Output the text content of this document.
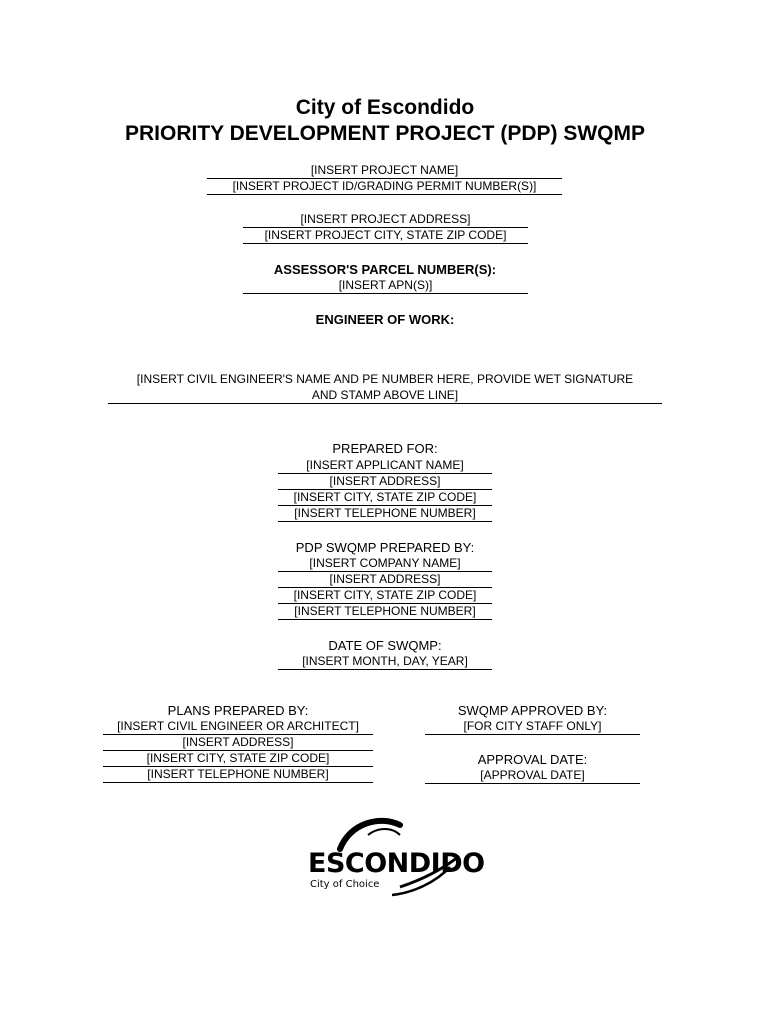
City of Escondido
PRIORITY DEVELOPMENT PROJECT (PDP) SWQMP
[INSERT PROJECT NAME]
[INSERT PROJECT ID/GRADING PERMIT NUMBER(S)]
[INSERT PROJECT ADDRESS]
[INSERT PROJECT CITY, STATE ZIP CODE]
ASSESSOR'S PARCEL NUMBER(S):
[INSERT APN(S)]
ENGINEER OF WORK:
[INSERT CIVIL ENGINEER'S NAME AND PE NUMBER HERE, PROVIDE WET SIGNATURE
AND STAMP ABOVE LINE]
PREPARED FOR:
[INSERT APPLICANT NAME]
[INSERT ADDRESS]
[INSERT CITY, STATE ZIP CODE]
[INSERT TELEPHONE NUMBER]
PDP SWQMP PREPARED BY:
[INSERT COMPANY NAME]
[INSERT ADDRESS]
[INSERT CITY, STATE ZIP CODE]
[INSERT TELEPHONE NUMBER]
DATE OF SWQMP:
[INSERT MONTH, DAY, YEAR]
PLANS PREPARED BY:
[INSERT CIVIL ENGINEER OR ARCHITECT]
[INSERT ADDRESS]
[INSERT CITY, STATE ZIP CODE]
[INSERT TELEPHONE NUMBER]
SWQMP APPROVED BY:
[FOR CITY STAFF ONLY]
APPROVAL DATE:
[APPROVAL DATE]
ESCONDIDO
City of Choice
